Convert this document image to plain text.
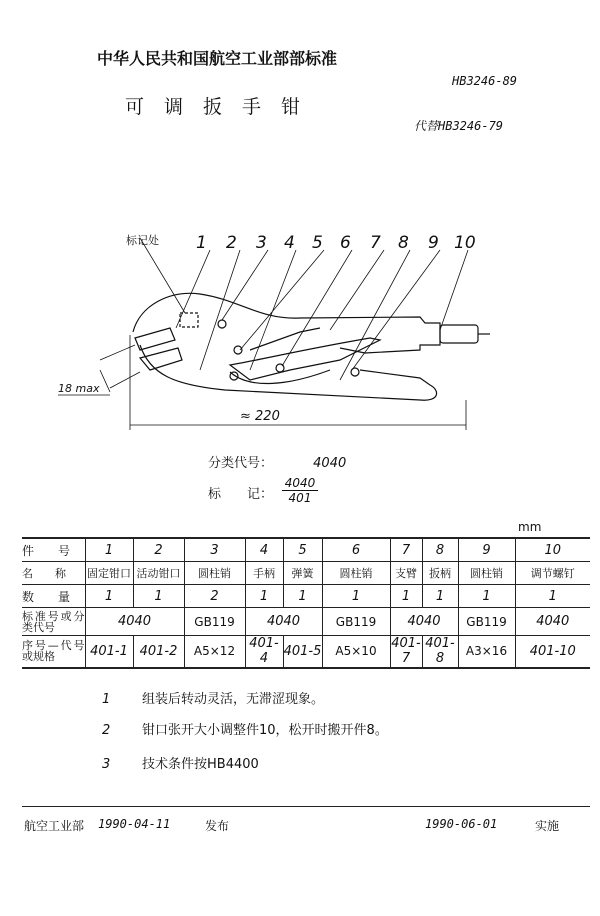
中华人民共和国航空工业部部标准
可调扳手钳
HB3246-89
代替HB3246-79
1 2 3 4 5 6 7 8 9 10
标记处
18 max
≈ 220
分类代号：	4040
标　　记： $\frac{4040}{401}$
mm
件　　号	1	2	3	4	5	6	7	8	9	10
名　　称	固定钳口	活动钳口	圆柱销	手柄	弹簧	圆柱销	支臂	扳柄	圆柱销	调节螺钉
数　　量	1	1	2	1	1	1	1	1	1	1
标准号或分类代号	4040		GB119	4040		GB119	4040		GB119	4040
序号—代号或规格	401-1	401-2	A5×12	401-4	401-5	A5×10	401-7	401-8	A3×16	401-10
1 组装后转动灵活，无滞涩现象。
2 钳口张开大小调整件10，松开时搬开件8。
3 技术条件按HB4400
航空工业部 1990-04-11	发布	1990-06-01	实施
